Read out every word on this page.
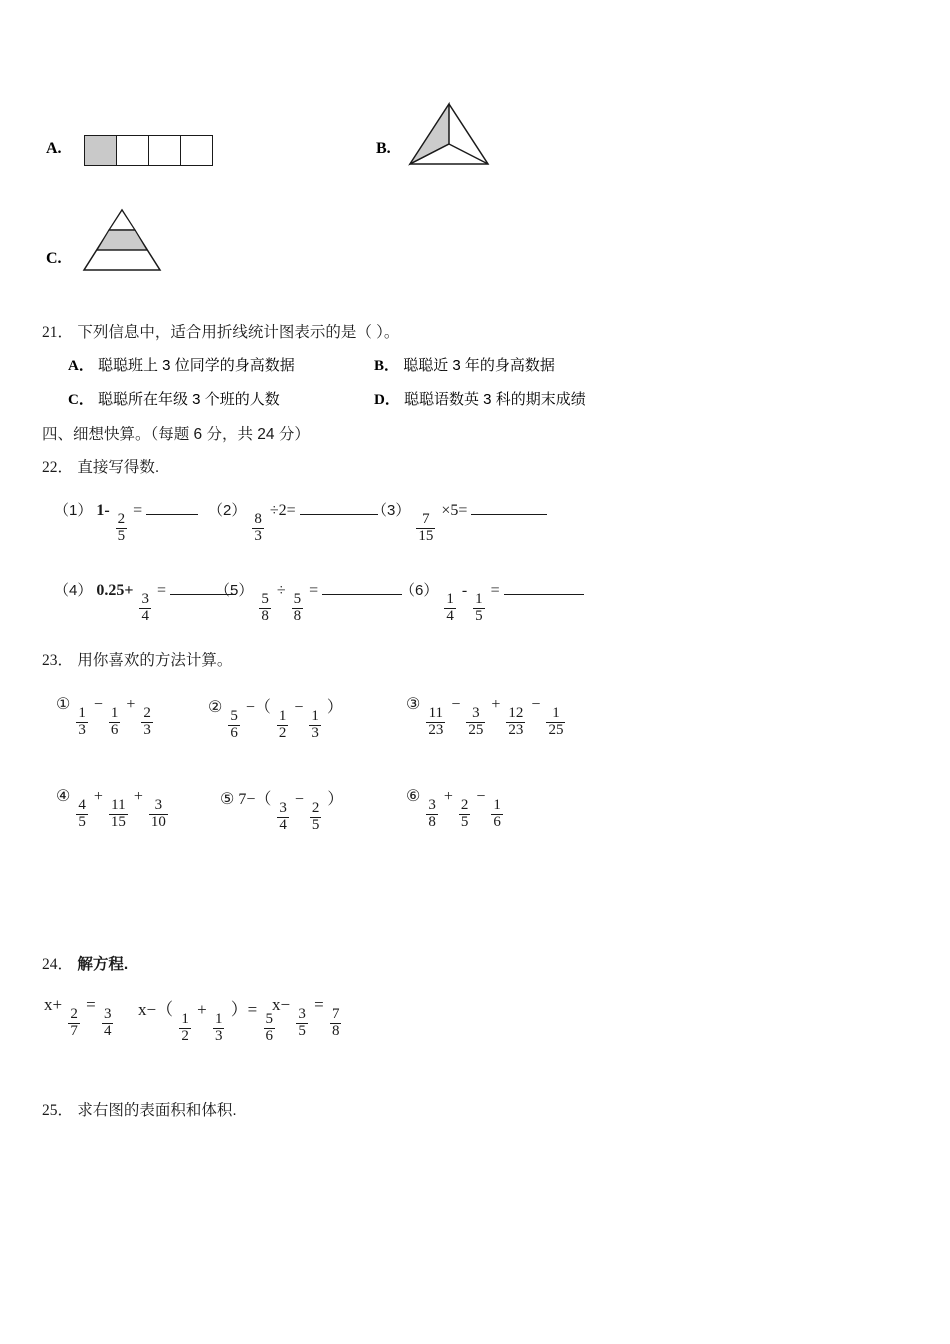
A.	B.
C.
21． 下列信息中，适合用折线统计图表示的是（ ）。
A． 聪聪班上 3 位同学的身高数据	B． 聪聪近 3 年的身高数据
C． 聪聪所在年级 3 个班的人数	D． 聪聪语数英 3 科的期末成绩
四、细想快算。（每题 6 分，共 24 分）
22． 直接写得数.
（1） 1-
$\frac{2}{5}$
=	（2）
$\frac{8}{3}$
÷2=	（3）
$\frac{7}{15}$
×5=
（4） 0.25+
$\frac{3}{4}$
=	（5）
$\frac{5}{8}$
÷
$\frac{5}{8}$
=	（6）
$\frac{1}{4}$
-
$\frac{1}{5}$
=
23． 用你喜欢的方法计算。
①
$\frac{1}{3}$
−
$\frac{1}{6}$
+
$\frac{2}{3}$	②
$\frac{5}{6}$
−（
$\frac{1}{2}$
−
$\frac{1}{3}$
）	③
$\frac{11}{23}$
−
$\frac{3}{25}$
+
$\frac{12}{23}$
−
$\frac{1}{25}$
④
$\frac{4}{5}$
+
$\frac{11}{15}$
+
$\frac{3}{10}$	⑤ 7−（
$\frac{3}{4}$
−
$\frac{2}{5}$
）	⑥
$\frac{3}{8}$
+
$\frac{2}{5}$
−
$\frac{1}{6}$
24． 解方程.
x+
$\frac{2}{7}$
=
$\frac{3}{4} x-$（
$\frac{1}{2}$
+
$\frac{1}{3}$
）=
$\frac{5}{6}$
x−
$\frac{3}{5}$
=
$\frac{7}{8}$
25． 求右图的表面积和体积.
